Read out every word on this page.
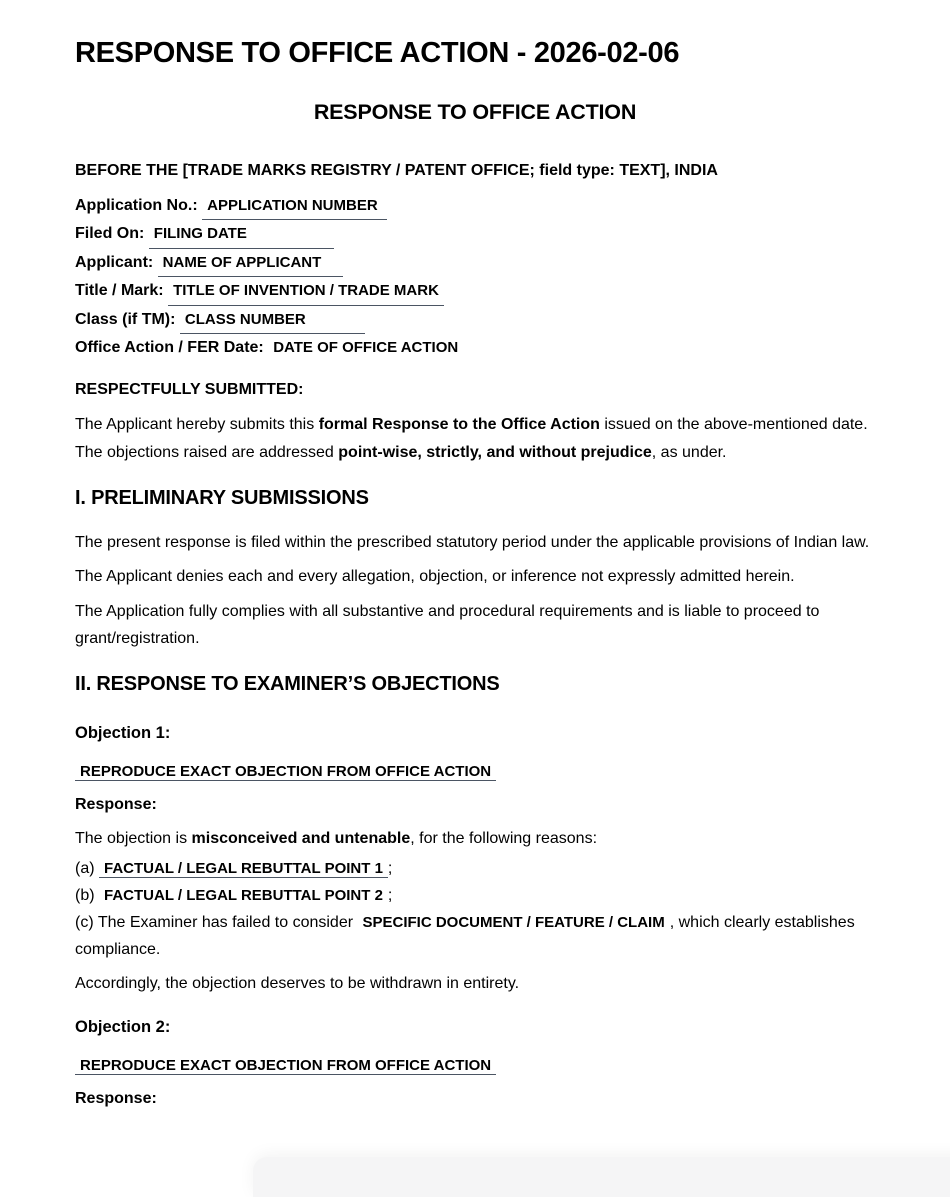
RESPONSE TO OFFICE ACTION - 2026-02-06
RESPONSE TO OFFICE ACTION

BEFORE THE [TRADE MARKS REGISTRY / PATENT OFFICE; field type: TEXT], INDIA

Application No.: APPLICATION NUMBER
Filed On: FILING DATE
Applicant: NAME OF APPLICANT
Title / Mark: TITLE OF INVENTION / TRADE MARK
Class (if TM): CLASS NUMBER
Office Action / FER Date: DATE OF OFFICE ACTION

RESPECTFULLY SUBMITTED:

The Applicant hereby submits this formal Response to the Office Action issued on the above-mentioned date. The objections raised are addressed point-wise, strictly, and without prejudice, as under.

I. PRELIMINARY SUBMISSIONS

The present response is filed within the prescribed statutory period under the applicable provisions of Indian law.

The Applicant denies each and every allegation, objection, or inference not expressly admitted herein.

The Application fully complies with all substantive and procedural requirements and is liable to proceed to grant/registration.

II. RESPONSE TO EXAMINER’S OBJECTIONS
Objection 1:

REPRODUCE EXACT OBJECTION FROM OFFICE ACTION

Response:

The objection is misconceived and untenable, for the following reasons:

(a) FACTUAL / LEGAL REBUTTAL POINT 1 ;
(b) FACTUAL / LEGAL REBUTTAL POINT 2 ;
(c) The Examiner has failed to consider SPECIFIC DOCUMENT / FEATURE / CLAIM , which clearly establishes compliance.

Accordingly, the objection deserves to be withdrawn in entirety.

Objection 2:

REPRODUCE EXACT OBJECTION FROM OFFICE ACTION

Response:
